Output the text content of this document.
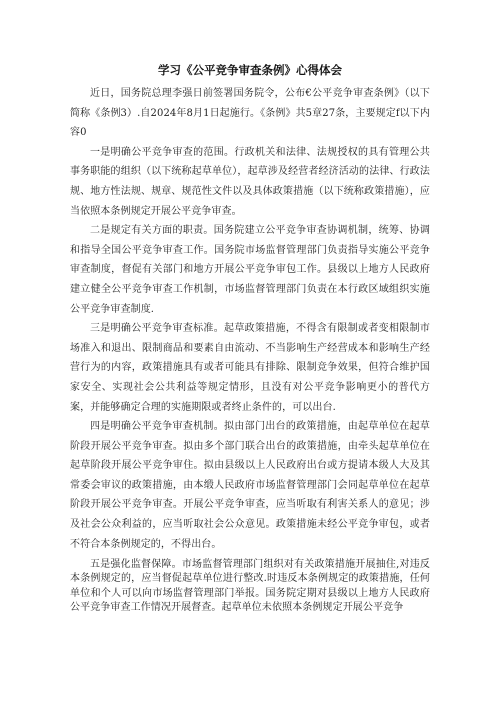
学习《公平竞争审查条例》心得体会

近日，国务院总理李强日前签署国务院令，公布€公平竞争审查条例》（以下简称《条例3）.自2024年8月1日起施行。《条例》共5章27条，主要规定f以下内容0

一是明确公平竞争审查的范围。行政机关和法律、法规授权的具有管理公共事务职能的组织（以下统称起草单位），起草涉及经营者经济活动的法律、行政法规、地方性法规、规章、规范性文件以及具体政策措施（以下统称政策措施），应当依照本条例规定开展公平竞争审查。

二是规定有关方面的职责。国务院建立公平竞争审查协调机制，统筹、协调和指导全国公平竞争审查工作。国务院市场监督管理部门负责指导实施公平竞争审查制度，督促有关部门和地方开展公平竞争审包工作。县级以上地方人民政府建立健全公平竞争审查工作机制，市场监督管理部门负责在本行政区域组织实施公平竞争审查制度.

三是明确公平竞争审查标准。起草政策措施，不得含有限制或者变相限制市场准入和退出、限制商品和要素自由流动、不当影响生产经营成本和影响生产经营行为的内容，政策措施具有或者可能具有排除、限制竞争效果，但符合维护国家安全、实现社会公共利益等规定情形，且没有对公平竞争影响更小的普代方案，并能够确定合理的实施期限或者终止条件的，可以出台.

四是明确公平竞争审查机制。拟由部门出台的政策措施，由起草单位在起草阶段开展公平竞争审查。拟由多个部门联合出台的政策措施，由牵头起草单位在起草阶段开展公平竞争审住。拟由县级以上人民政府出台或方提请本级人大及其常委会审议的政策措施，由本缎人民政府市场监督管理部门会同起草单位在起草阶段开展公平竞争审查。开展公平竞争审查，应当听取有利害关系人的意见；涉及社会公众利益的，应当听取社会公众意见。政策措施未经公平竞争审包，或者不符合本条例规定的，不得出台。

五是强化监督保障。市场监督管理部门组织对有关政策措施开展抽住,对违反本条例规定的，应当督促起草单位进行整改.时违反本条例规定的政策措施，任何单位和个人可以向市场监督管理部门举报。国务院定期对县级以上地方人民政府公平竞争审查工作情况开展督查。起草单位未依照本条例规定开展公平竞争
